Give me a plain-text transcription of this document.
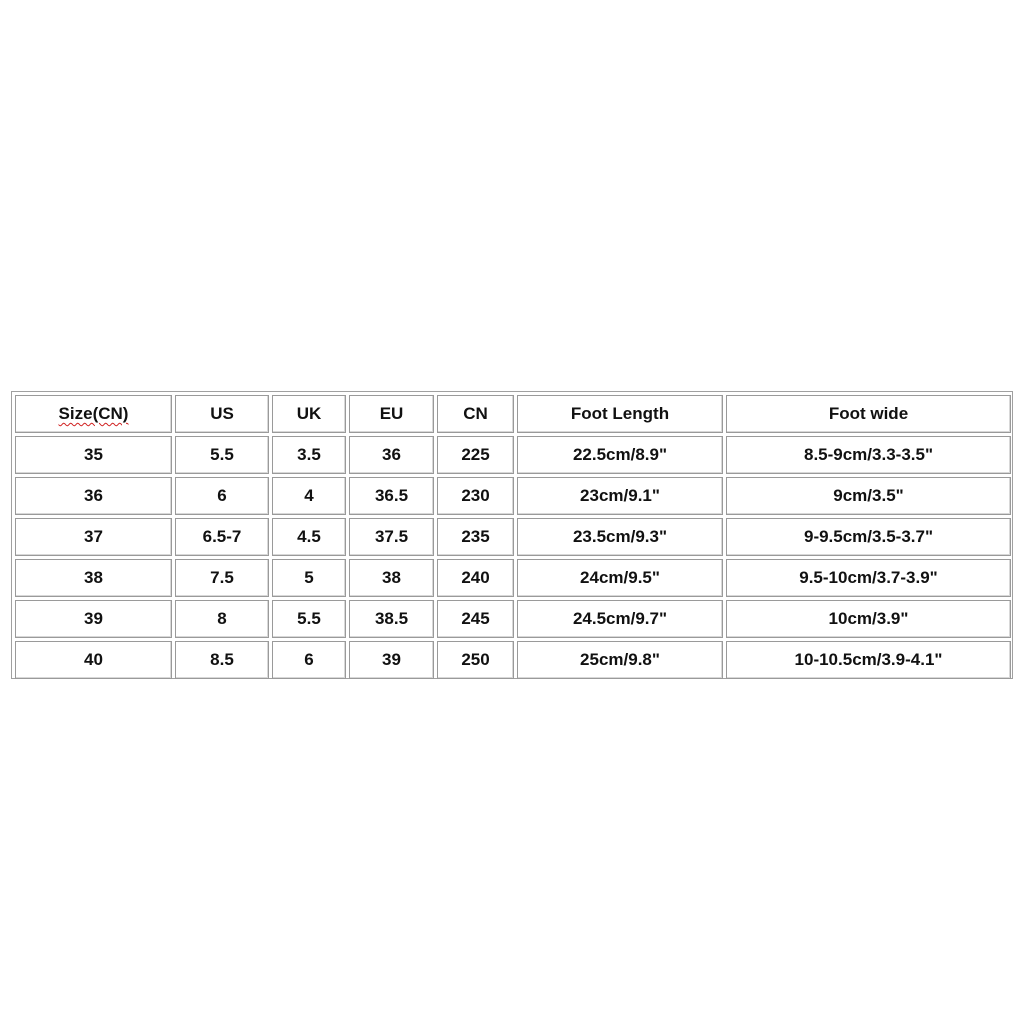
Size(CN)	US	UK	EU	CN	Foot Length	Foot wide
35	5.5	3.5	36	225	22.5cm/8.9"	8.5-9cm/3.3-3.5"
36	6	4	36.5	230	23cm/9.1"	9cm/3.5"
37	6.5-7	4.5	37.5	235	23.5cm/9.3"	9-9.5cm/3.5-3.7"
38	7.5	5	38	240	24cm/9.5"	9.5-10cm/3.7-3.9"
39	8	5.5	38.5	245	24.5cm/9.7"	10cm/3.9"
40	8.5	6	39	250	25cm/9.8"	10-10.5cm/3.9-4.1"
